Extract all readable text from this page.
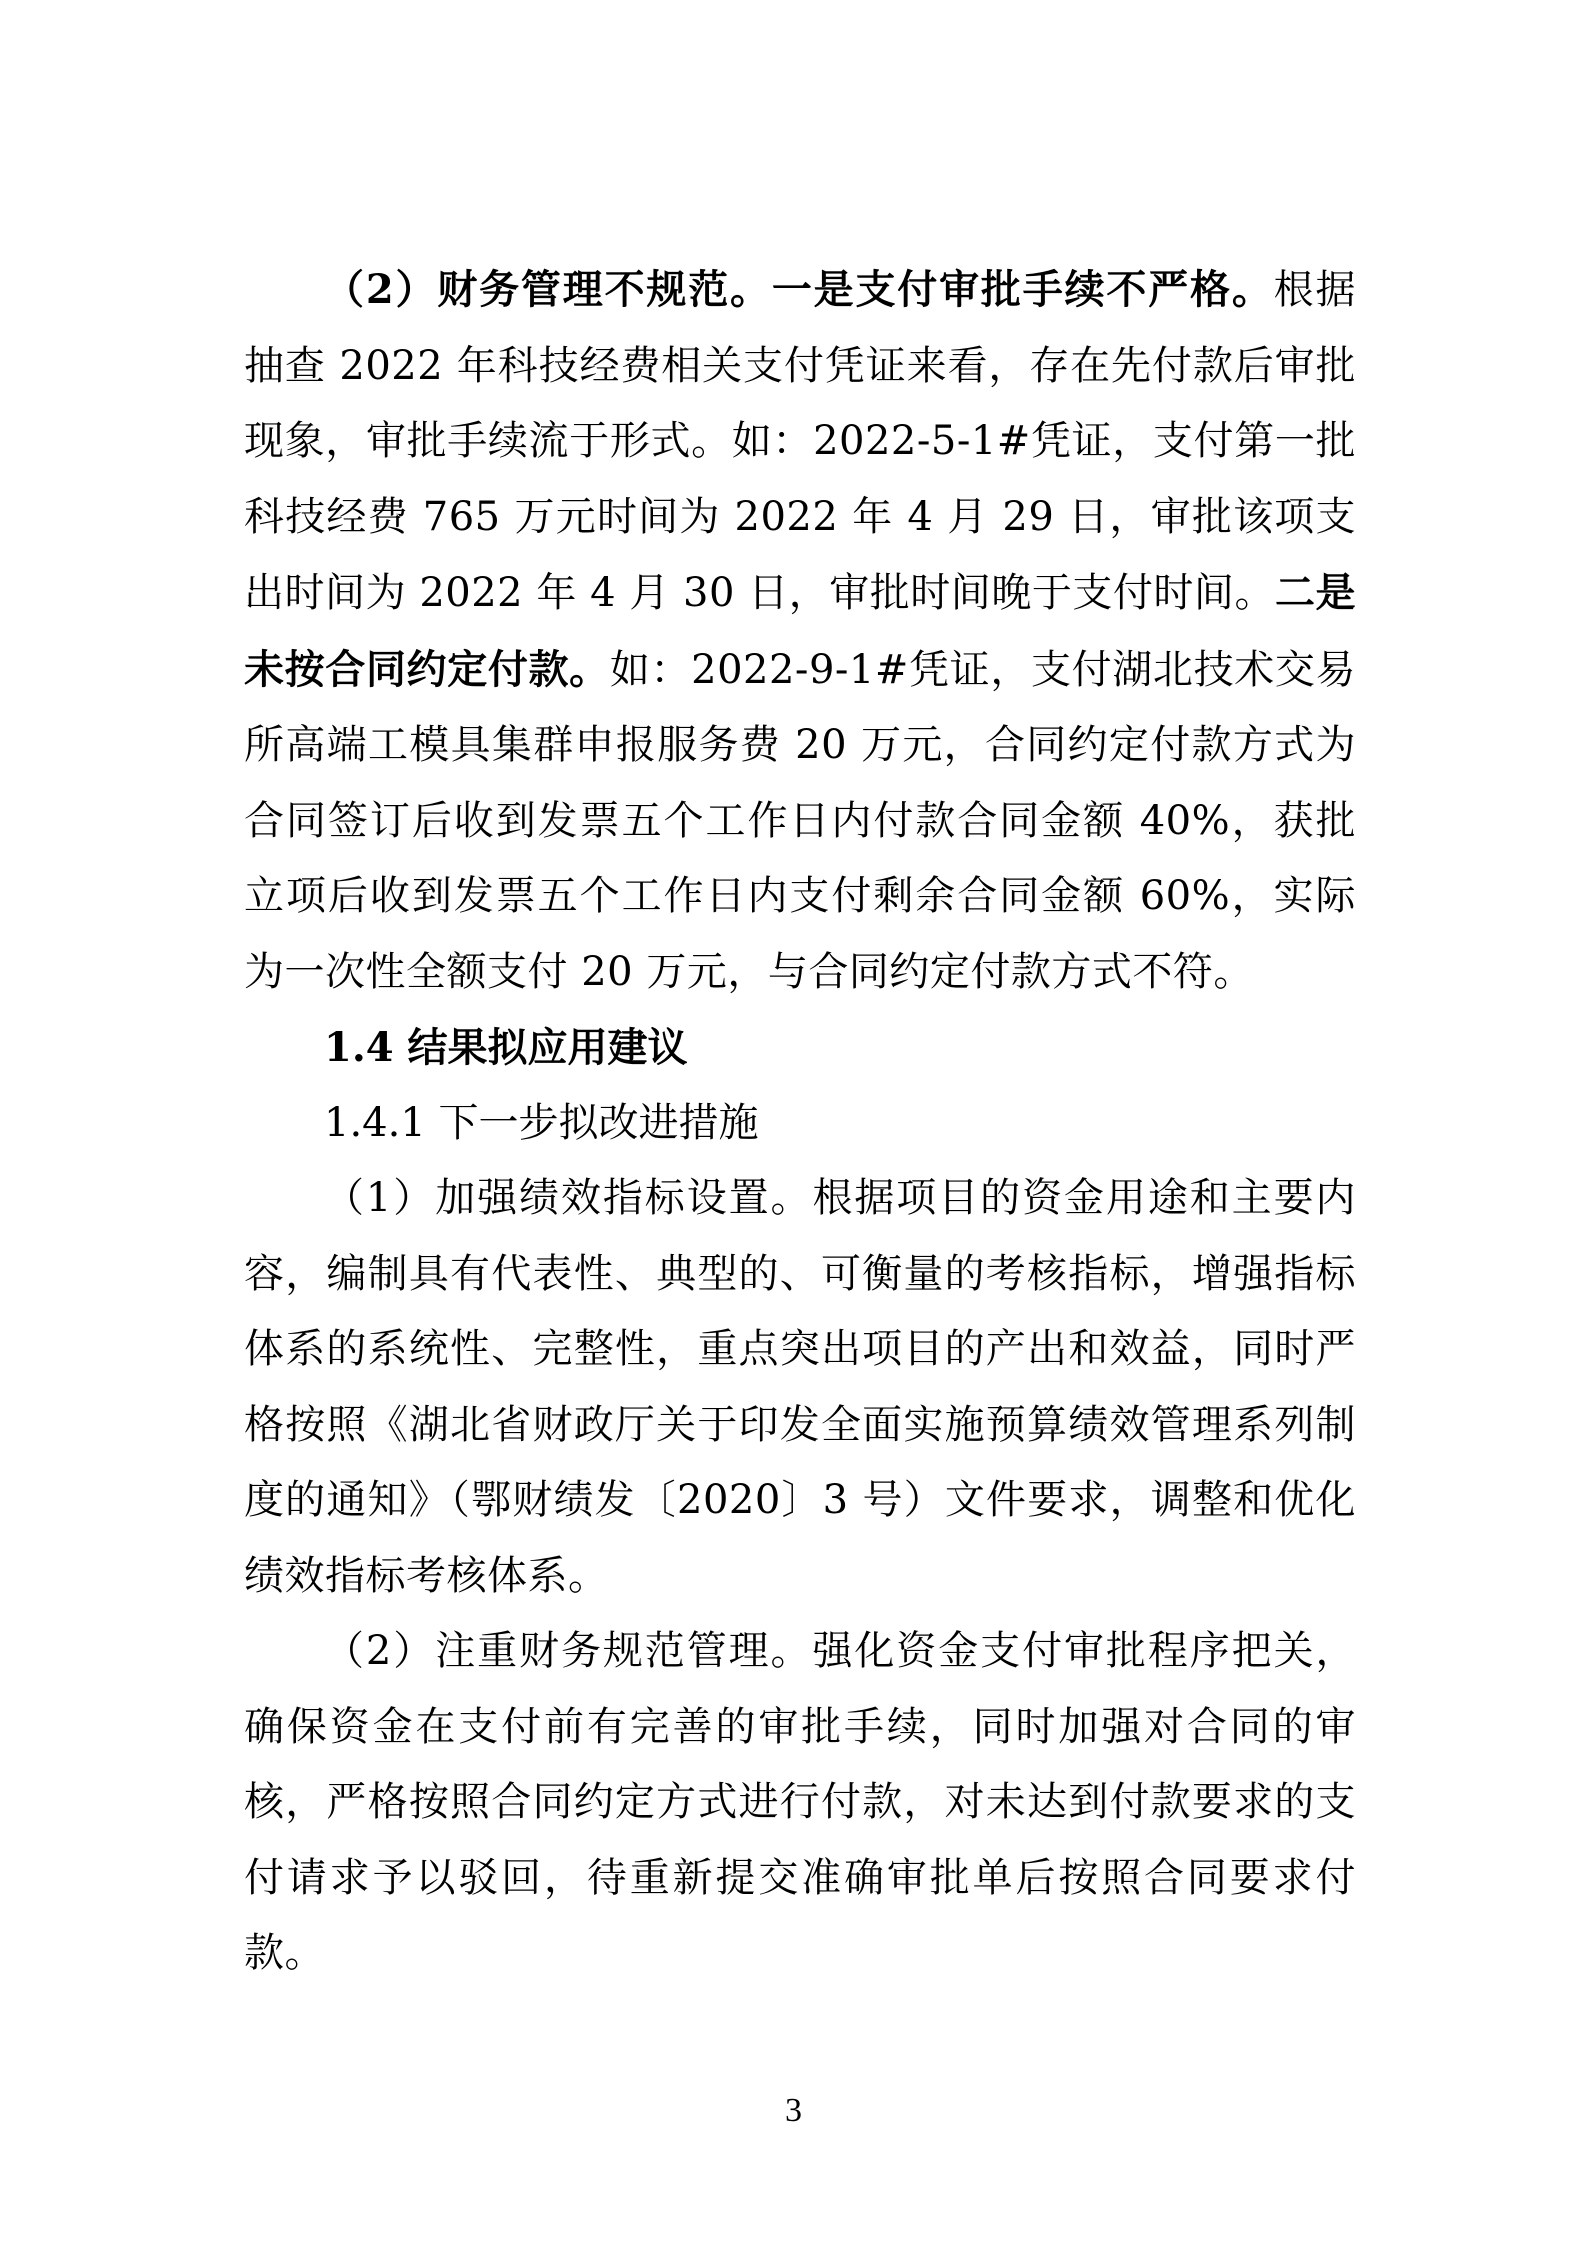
（2）财务管理不规范。一是支付审批手续不严格。根据抽查 2022 年科技经费相关支付凭证来看，存在先付款后审批现象，审批手续流于形式。如：2022-5-1#凭证，支付第一批科技经费 765 万元时间为 2022 年 4 月 29 日，审批该项支出时间为 2022 年 4 月 30 日，审批时间晚于支付时间。二是未按合同约定付款。如：2022-9-1#凭证，支付湖北技术交易所高端工模具集群申报服务费 20 万元，合同约定付款方式为合同签订后收到发票五个工作日内付款合同金额 40%，获批立项后收到发票五个工作日内支付剩余合同金额 60%，实际为一次性全额支付 20 万元，与合同约定付款方式不符。

1.4 结果拟应用建议

1.4.1 下一步拟改进措施

（1）加强绩效指标设置。根据项目的资金用途和主要内容，编制具有代表性、典型的、可衡量的考核指标，增强指标体系的系统性、完整性，重点突出项目的产出和效益，同时严格按照《湖北省财政厅关于印发全面实施预算绩效管理系列制度的通知》（鄂财绩发〔2020〕3 号）文件要求，调整和优化绩效指标考核体系。

（2）注重财务规范管理。强化资金支付审批程序把关，确保资金在支付前有完善的审批手续，同时加强对合同的审核，严格按照合同约定方式进行付款，对未达到付款要求的支付请求予以驳回，待重新提交准确审批单后按照合同要求付款。

3
